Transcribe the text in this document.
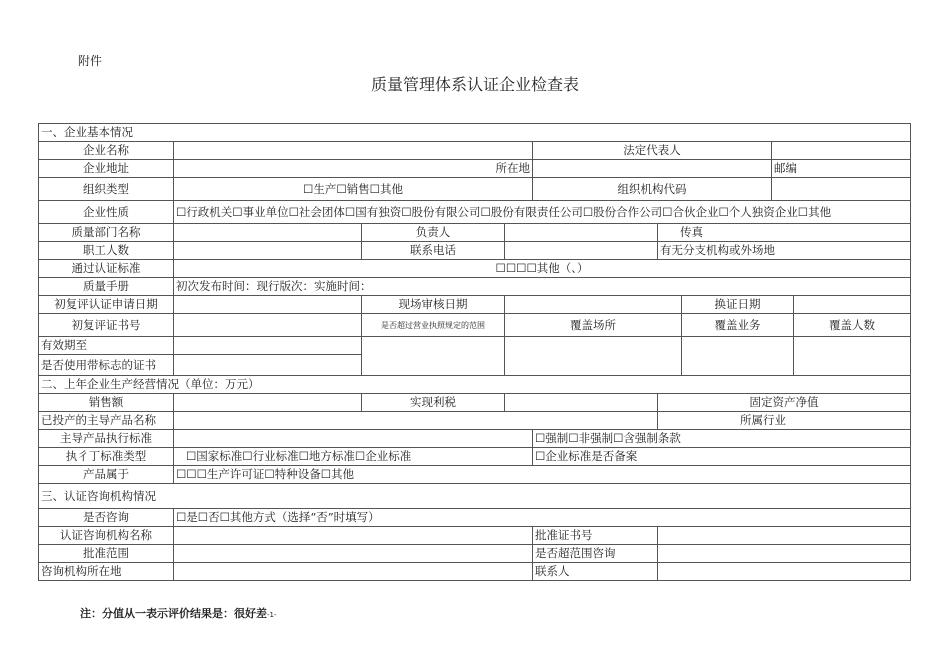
附件
质量管理体系认证企业检查表
一、企业基本情况								
企业名称				法定代表人				
企业地址	所在地						邮编	
组织类型	☐生产☐销售☐其他			组织机构代码				
企业性质	☐行政机关☐事业单位☐社会团体☐国有独资☐股份有限公司☐股份有限责任公司☐股份合作公司☐合伙企业☐个人独资企业☐其他							
质量部门名称		负责人			传真			
职工人数		联系电话			有无分支机构或外场地			
通过认证标准	☐☐☐☐其他（、）							
质量手册	初次发布时间：现行版次：实施时间：							
初复评认证申请日期		现场审核日期				换证日期		
初复评证书号		是否超过营业执照规定的范围	覆盖场所			覆盖业务		覆盖人数
有效期至								
是否使用带标志的证书								
二、上年企业生产经营情况（单位：万元）								
销售额		实现利税			固定资产净值			
已投产的主导产品名称					所属行业			
主导产品执行标准				☐强制☐非强制☐含强制条款				
执彳丁标准类型	☐国家标准☐行业标准☐地方标准☐企业标准			☐企业标准是否备案				
产品属于	☐☐☐生产许可证☐特种设备☐其他							
三、认证咨询机构情况								
是否咨询	☐是☐否☐其他方式（选择“否”时填写）							
认证咨询机构名称				批准证书号				
批准范围				是否超范围咨询				
咨询机构所在地				联系人				
注：分值从一表示评价结果是：很好差-1-
